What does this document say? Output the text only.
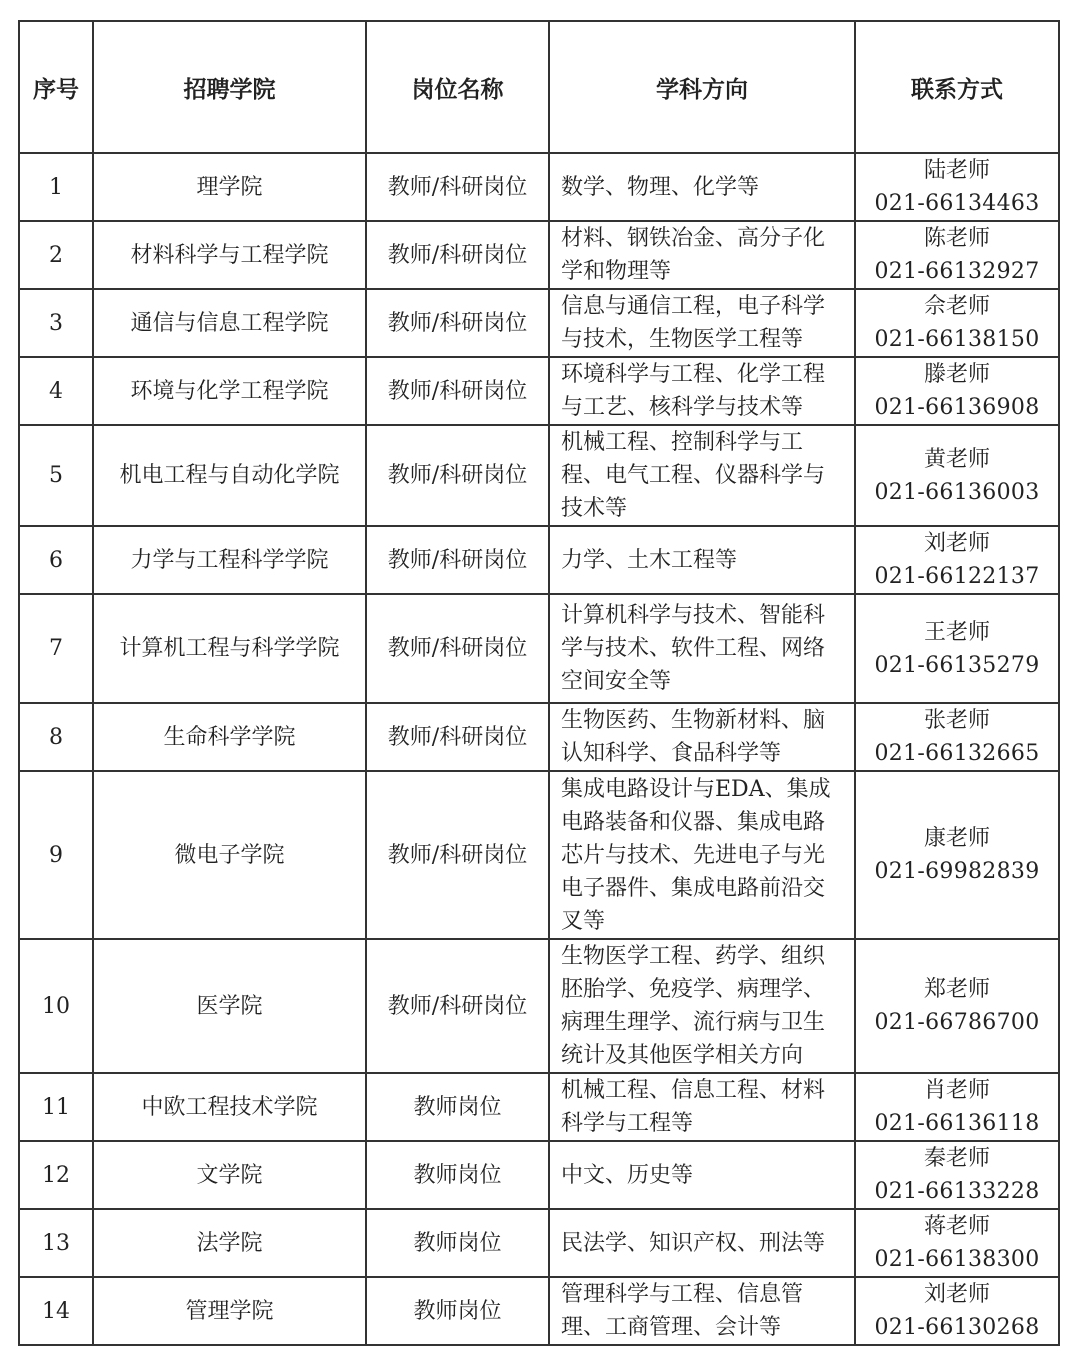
序号	招聘学院	岗位名称	学科方向	联系方式
1	理学院	教师/科研岗位	数学、物理、化学等	陆老师
021-66134463

2	材料科学与工程学院	教师/科研岗位	材料、钢铁冶金、高分子化
学和物理等	陈老师
021-66132927

3	通信与信息工程学院	教师/科研岗位	信息与通信工程，电子科学
与技术，生物医学工程等	佘老师
021-66138150

4	环境与化学工程学院	教师/科研岗位	环境科学与工程、化学工程
与工艺、核科学与技术等	滕老师
021-66136908

5	机电工程与自动化学院	教师/科研岗位	机械工程、控制科学与工
程、电气工程、仪器科学与
技术等	黄老师
021-66136003

6	力学与工程科学学院	教师/科研岗位	力学、土木工程等	刘老师
021-66122137

7	计算机工程与科学学院	教师/科研岗位	计算机科学与技术、智能科
学与技术、软件工程、网络
空间安全等	王老师
021-66135279

8	生命科学学院	教师/科研岗位	生物医药、生物新材料、脑
认知科学、食品科学等	张老师
021-66132665

9	微电子学院	教师/科研岗位	集成电路设计与EDA、集成
电路装备和仪器、集成电路
芯片与技术、先进电子与光
电子器件、集成电路前沿交
叉等	康老师
021-69982839

10	医学院	教师/科研岗位	生物医学工程、药学、组织
胚胎学、免疫学、病理学、
病理生理学、流行病与卫生
统计及其他医学相关方向	郑老师
021-66786700

11	中欧工程技术学院	教师岗位	机械工程、信息工程、材料
科学与工程等	肖老师
021-66136118

12	文学院	教师岗位	中文、历史等	秦老师
021-66133228

13	法学院	教师岗位	民法学、知识产权、刑法等	蒋老师
021-66138300

14	管理学院	教师岗位	管理科学与工程、信息管
理、工商管理、会计等	刘老师
021-66130268
